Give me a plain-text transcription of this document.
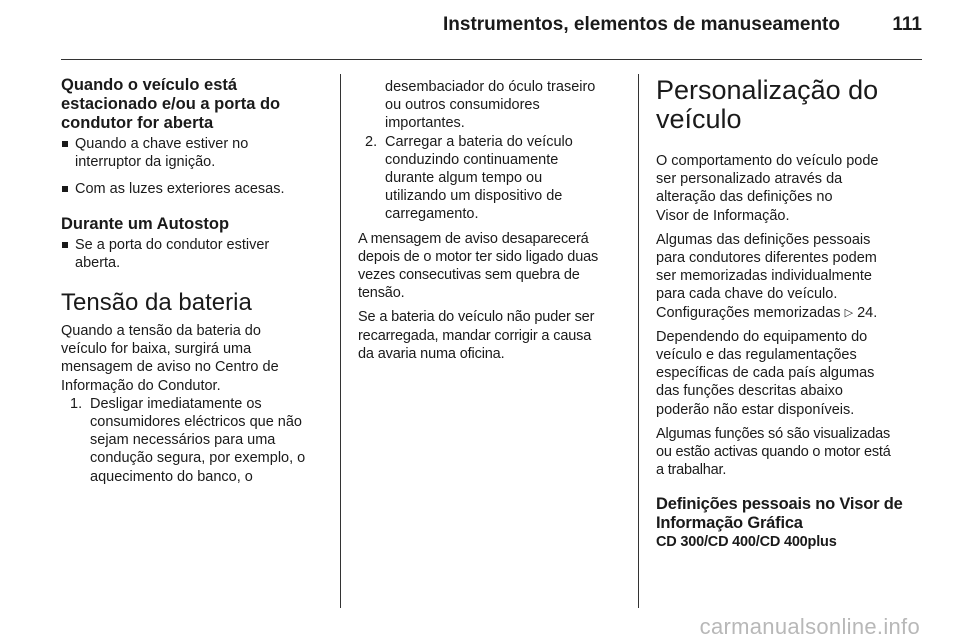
Instrumentos, elementos de manuseamento	111
Quando o veículo está
estacionado e/ou a porta do
condutor for aberta
Quando a chave estiver no
interruptor da ignição.
Com as luzes exteriores acesas.
Durante um Autostop
Se a porta do condutor estiver
aberta.
Tensão da bateria

Quando a tensão da bateria do
veículo for baixa, surgirá uma
mensagem de aviso no Centro de
Informação do Condutor.

1. Desligar imediatamente os
consumidores eléctricos que não
sejam necessários para uma
condução segura, por exemplo, o
aquecimento do banco, o

desembaciador do óculo traseiro
ou outros consumidores
importantes.

2. Carregar a bateria do veículo
conduzindo continuamente
durante algum tempo ou
utilizando um dispositivo de
carregamento.

A mensagem de aviso desaparecerá
depois de o motor ter sido ligado duas
vezes consecutivas sem quebra de
tensão.

Se a bateria do veículo não puder ser
recarregada, mandar corrigir a causa
da avaria numa oficina.

Personalização do
veículo

O comportamento do veículo pode
ser personalizado através da
alteração das definições no
Visor de Informação.

Algumas das definições pessoais
para condutores diferentes podem
ser memorizadas individualmente
para cada chave do veículo.
Configurações memorizadas ▷ 24.

Dependendo do equipamento do
veículo e das regulamentações
específicas de cada país algumas
das funções descritas abaixo
poderão não estar disponíveis.

Algumas funções só são visualizadas
ou estão activas quando o motor está
a trabalhar.

Definições pessoais no Visor de
Informação Gráfica
CD 300/CD 400/CD 400plus
carmanualsonline.info
